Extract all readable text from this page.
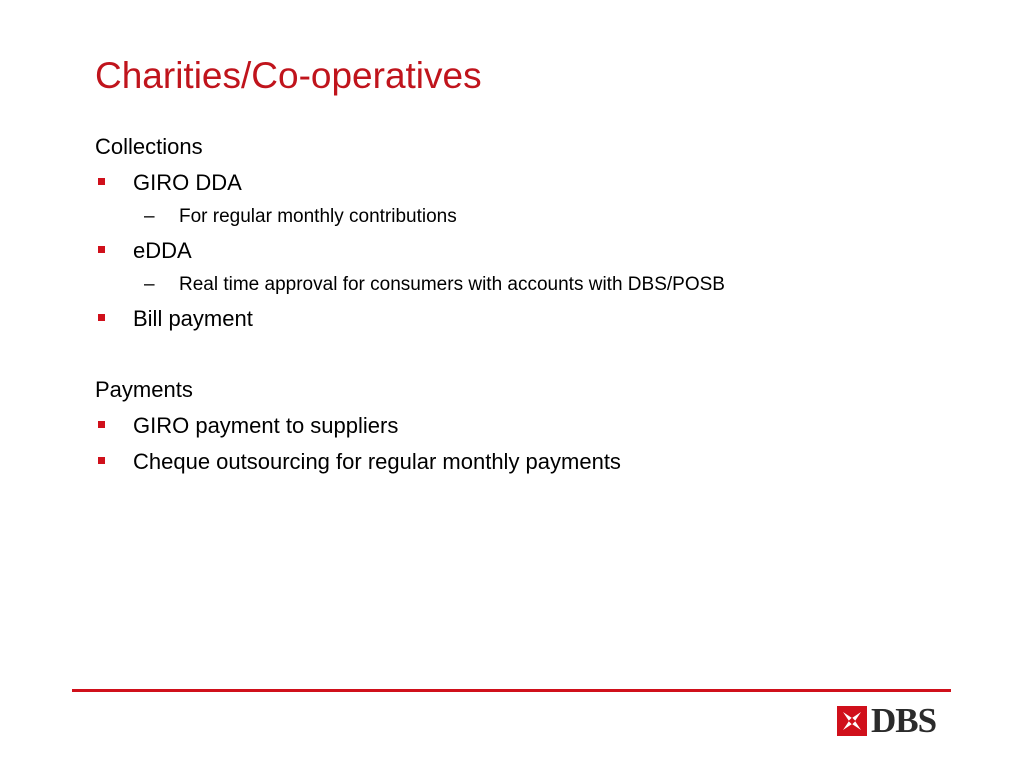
Charities/Co-operatives
Collections
GIRO DDA
– For regular monthly contributions
eDDA
– Real time approval for consumers with accounts with DBS/POSB
Bill payment
Payments
GIRO payment to suppliers
Cheque outsourcing for regular monthly payments
DBS
